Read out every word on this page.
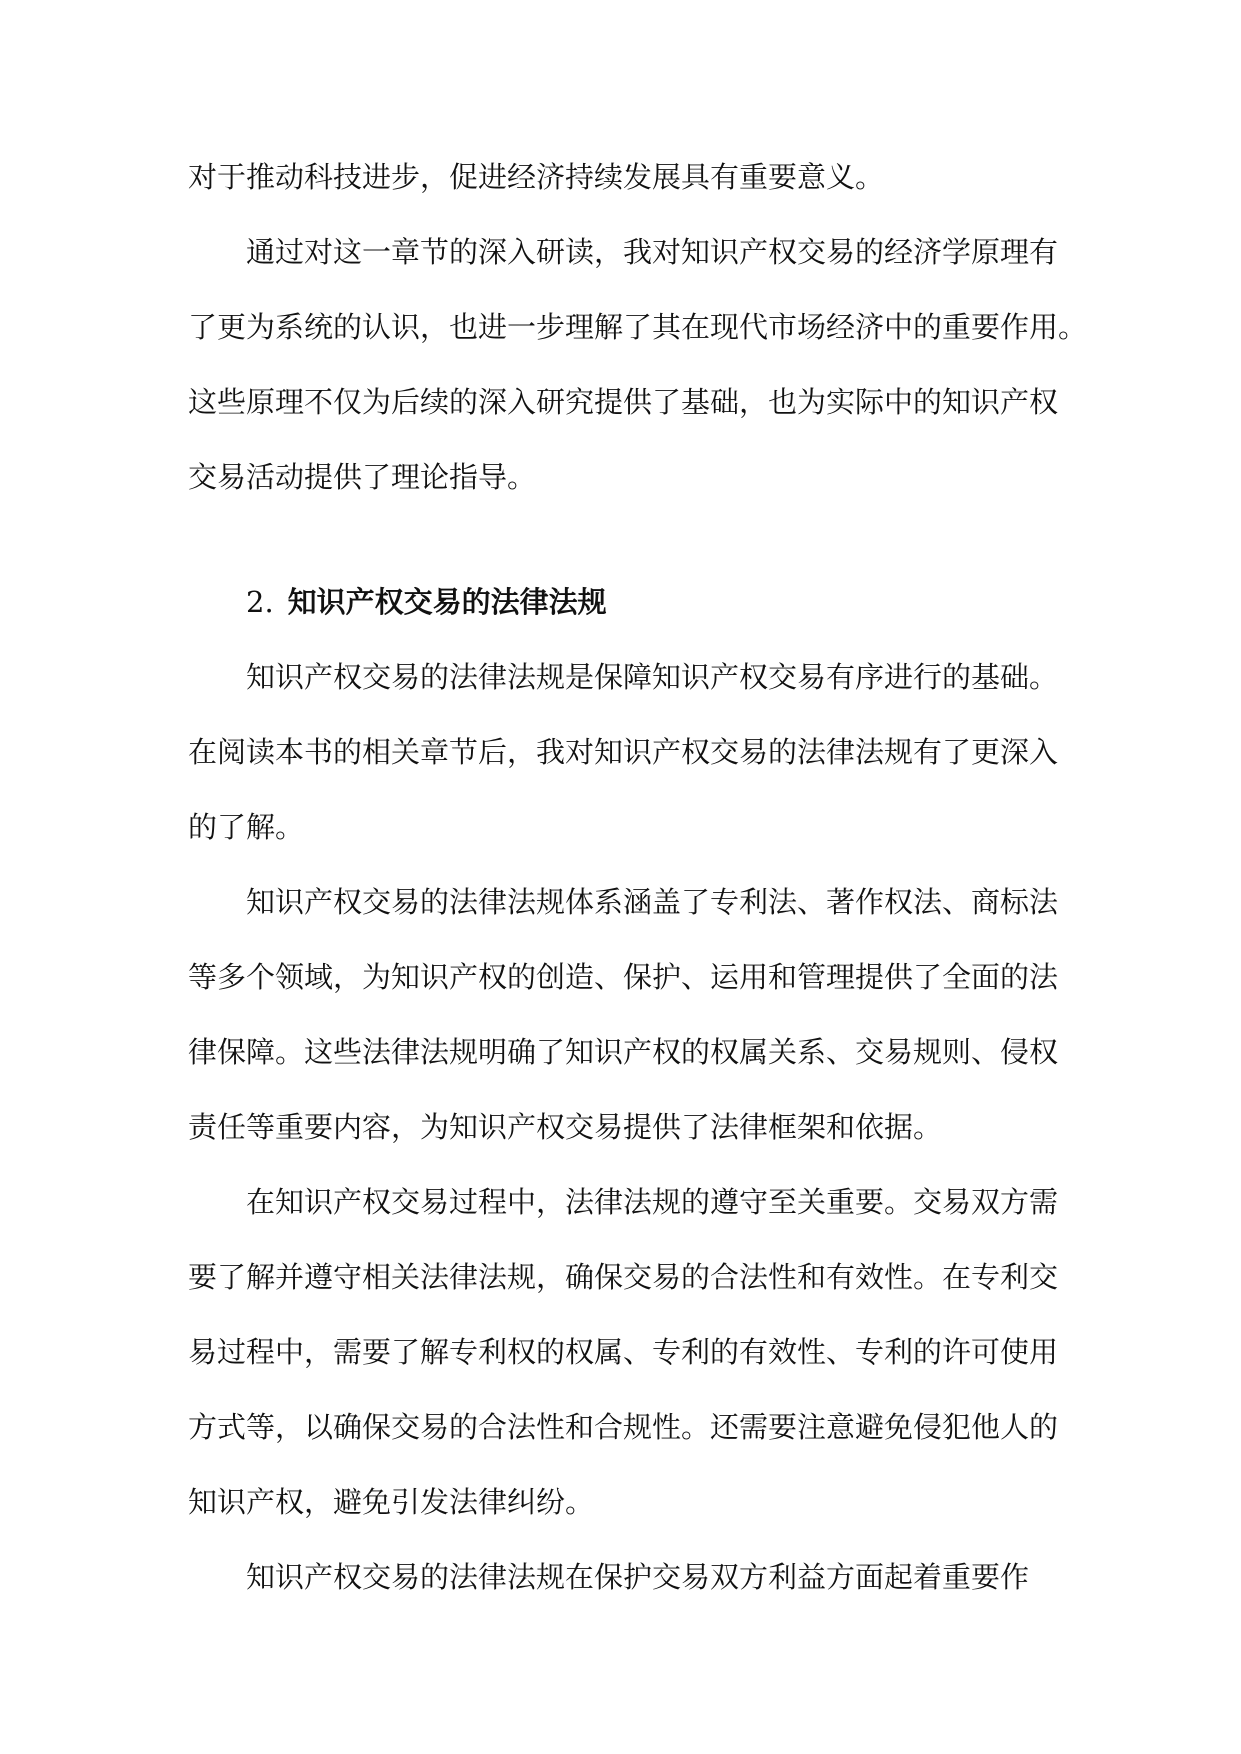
对于推动科技进步，促进经济持续发展具有重要意义。
通过对这一章节的深入研读，我对知识产权交易的经济学原理有
了更为系统的认识，也进一步理解了其在现代市场经济中的重要作用。
这些原理不仅为后续的深入研究提供了基础，也为实际中的知识产权
交易活动提供了理论指导。
2. 知识产权交易的法律法规
知识产权交易的法律法规是保障知识产权交易有序进行的基础。
在阅读本书的相关章节后，我对知识产权交易的法律法规有了更深入
的了解。
知识产权交易的法律法规体系涵盖了专利法、著作权法、商标法
等多个领域，为知识产权的创造、保护、运用和管理提供了全面的法
律保障。这些法律法规明确了知识产权的权属关系、交易规则、侵权
责任等重要内容，为知识产权交易提供了法律框架和依据。
在知识产权交易过程中，法律法规的遵守至关重要。交易双方需
要了解并遵守相关法律法规，确保交易的合法性和有效性。在专利交
易过程中，需要了解专利权的权属、专利的有效性、专利的许可使用
方式等，以确保交易的合法性和合规性。还需要注意避免侵犯他人的
知识产权，避免引发法律纠纷。
知识产权交易的法律法规在保护交易双方利益方面起着重要作
